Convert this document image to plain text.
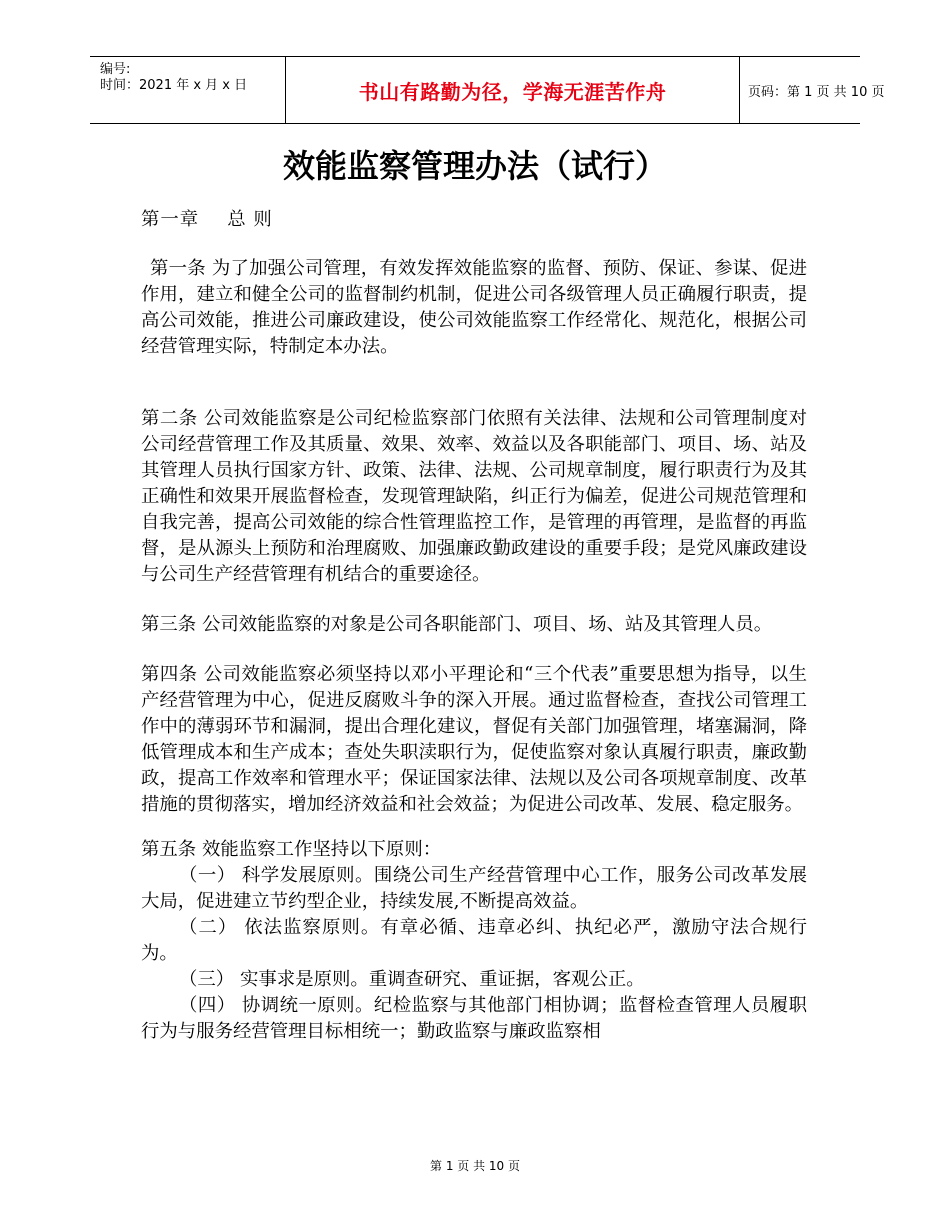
编号:
时间：2021 年 x 月 x 日	书山有路勤为径，学海无涯苦作舟	页码：第 1 页 共 10 页
效能监察管理办法（试行）
第一章 总 则

第一条 为了加强公司管理，有效发挥效能监察的监督、预防、保证、参谋、促进作用，建立和健全公司的监督制约机制，促进公司各级管理人员正确履行职责，提高公司效能，推进公司廉政建设，使公司效能监察工作经常化、规范化，根据公司经营管理实际，特制定本办法。

第二条 公司效能监察是公司纪检监察部门依照有关法律、法规和公司管理制度对公司经营管理工作及其质量、效果、效率、效益以及各职能部门、项目、场、站及其管理人员执行国家方针、政策、法律、法规、公司规章制度，履行职责行为及其正确性和效果开展监督检查，发现管理缺陷，纠正行为偏差，促进公司规范管理和自我完善，提高公司效能的综合性管理监控工作，是管理的再管理，是监督的再监督，是从源头上预防和治理腐败、加强廉政勤政建设的重要手段；是党风廉政建设与公司生产经营管理有机结合的重要途径。

第三条 公司效能监察的对象是公司各职能部门、项目、场、站及其管理人员。

第四条 公司效能监察必须坚持以邓小平理论和“三个代表”重要思想为指导，以生产经营管理为中心，促进反腐败斗争的深入开展。通过监督检查，查找公司管理工作中的薄弱环节和漏洞，提出合理化建议，督促有关部门加强管理，堵塞漏洞，降低管理成本和生产成本；查处失职渎职行为，促使监察对象认真履行职责，廉政勤政，提高工作效率和管理水平；保证国家法律、法规以及公司各项规章制度、改革措施的贯彻落实，增加经济效益和社会效益；为促进公司改革、发展、稳定服务。

第五条 效能监察工作坚持以下原则：

（一） 科学发展原则。围绕公司生产经营管理中心工作，服务公司改革发展大局，促进建立节约型企业，持续发展,不断提高效益。

（二） 依法监察原则。有章必循、违章必纠、执纪必严，激励守法合规行为。

（三） 实事求是原则。重调查研究、重证据，客观公正。

（四） 协调统一原则。纪检监察与其他部门相协调；监督检查管理人员履职行为与服务经营管理目标相统一；勤政监察与廉政监察相

第 1 页 共 10 页
